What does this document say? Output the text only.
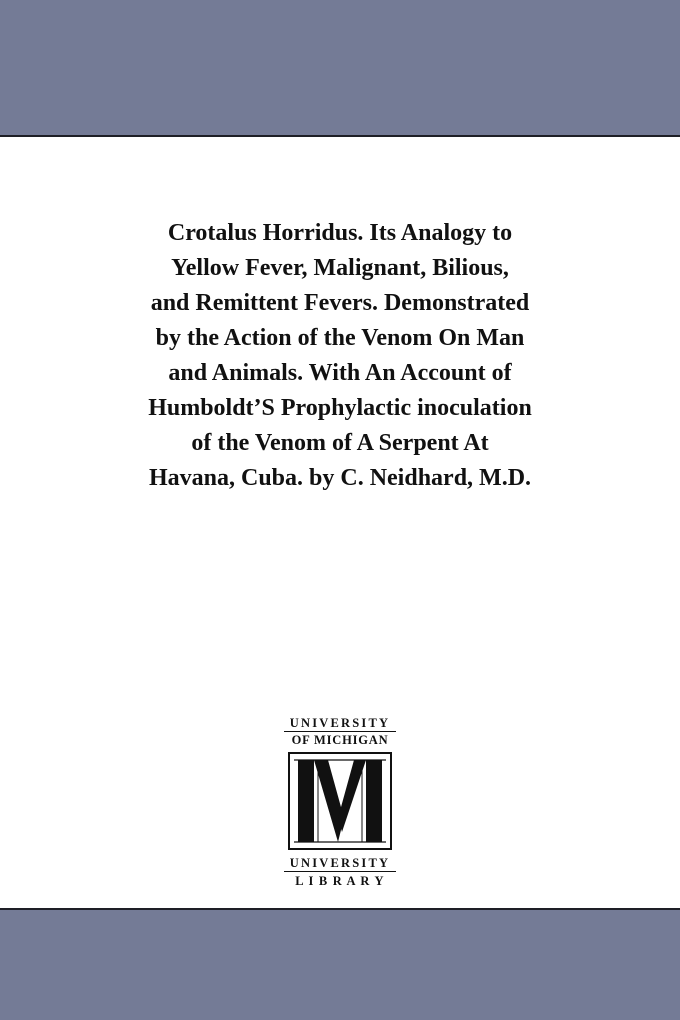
Crotalus Horridus. Its Analogy to
Yellow Fever, Malignant, Bilious,
and Remittent Fevers. Demonstrated
by the Action of the Venom On Man
and Animals. With An Account of
Humboldt’S Prophylactic inoculation
of the Venom of A Serpent At
Havana, Cuba. by C. Neidhard, M.D.
UNIVERSITY
OF MICHIGAN
UNIVERSITY
L I B R A R Y
